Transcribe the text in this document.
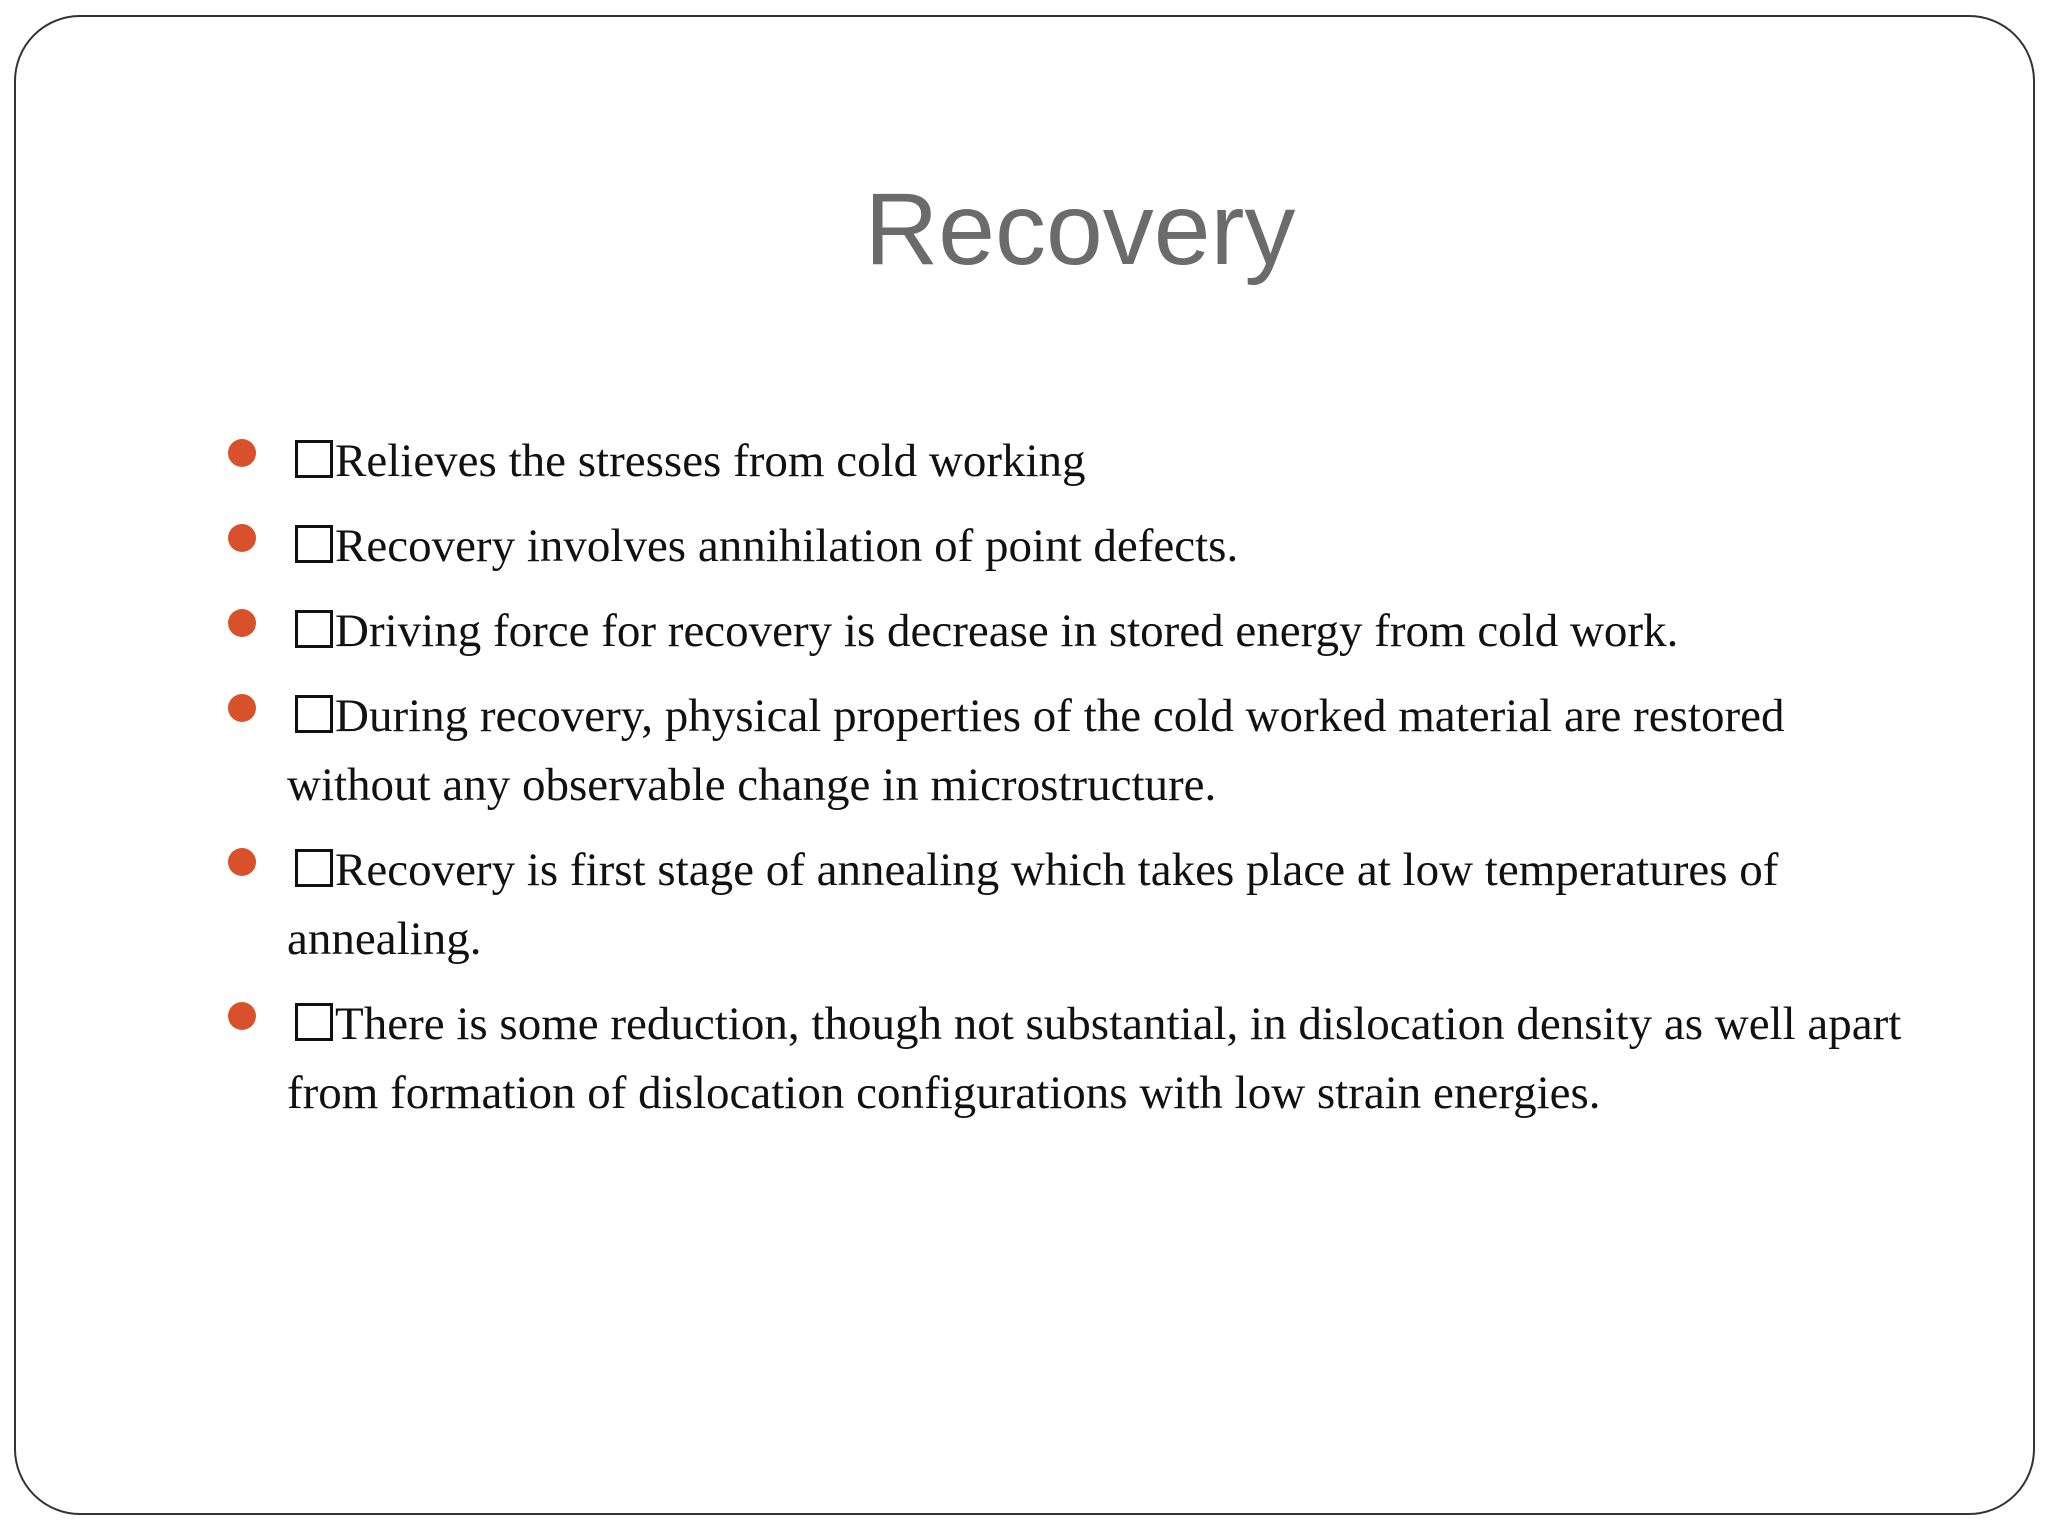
Recovery
Relieves the stresses from cold working
Recovery involves annihilation of point defects.
Driving force for recovery is decrease in stored energy from cold work.
During recovery, physical properties of the cold worked material are restored without any observable change in microstructure.
Recovery is first stage of annealing which takes place at low temperatures of annealing.
There is some reduction, though not substantial, in dislocation density as well apart from formation of dislocation configurations with low strain energies.
